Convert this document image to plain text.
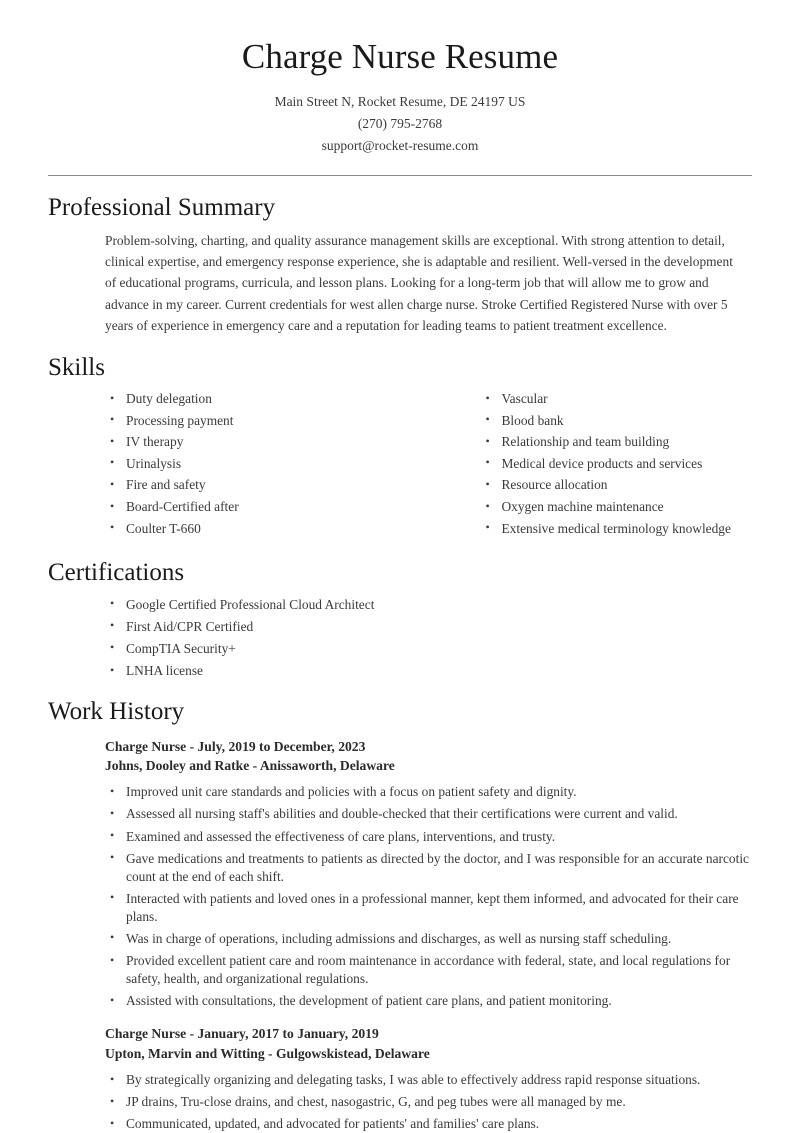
Charge Nurse Resume
Main Street N, Rocket Resume, DE 24197 US
(270) 795-2768
support@rocket-resume.com
Professional Summary

Problem-solving, charting, and quality assurance management skills are exceptional. With strong attention to detail, clinical expertise, and emergency response experience, she is adaptable and resilient. Well-versed in the development of educational programs, curricula, and lesson plans. Looking for a long-term job that will allow me to grow and advance in my career. Current credentials for west allen charge nurse. Stroke Certified Registered Nurse with over 5 years of experience in emergency care and a reputation for leading teams to patient treatment excellence.

Skills
• Duty delegation
• Processing payment
• IV therapy
• Urinalysis
• Fire and safety
• Board-Certified after
• Coulter T-660
• Vascular
• Blood bank
• Relationship and team building
• Medical device products and services
• Resource allocation
• Oxygen machine maintenance
• Extensive medical terminology knowledge
Certifications
• Google Certified Professional Cloud Architect
• First Aid/CPR Certified
• CompTIA Security+
• LNHA license
Work History
Charge Nurse - July, 2019 to December, 2023
Johns, Dooley and Ratke - Anissaworth, Delaware
• Improved unit care standards and policies with a focus on patient safety and dignity.
• Assessed all nursing staff's abilities and double-checked that their certifications were current and valid.
• Examined and assessed the effectiveness of care plans, interventions, and trusty.
• Gave medications and treatments to patients as directed by the doctor, and I was responsible for an accurate narcotic count at the end of each shift.
• Interacted with patients and loved ones in a professional manner, kept them informed, and advocated for their care plans.
• Was in charge of operations, including admissions and discharges, as well as nursing staff scheduling.
• Provided excellent patient care and room maintenance in accordance with federal, state, and local regulations for safety, health, and organizational regulations.
• Assisted with consultations, the development of patient care plans, and patient monitoring.
Charge Nurse - January, 2017 to January, 2019
Upton, Marvin and Witting - Gulgowskistead, Delaware
• By strategically organizing and delegating tasks, I was able to effectively address rapid response situations.
• JP drains, Tru-close drains, and chest, nasogastric, G, and peg tubes were all managed by me.
• Communicated, updated, and advocated for patients' and families' care plans.
